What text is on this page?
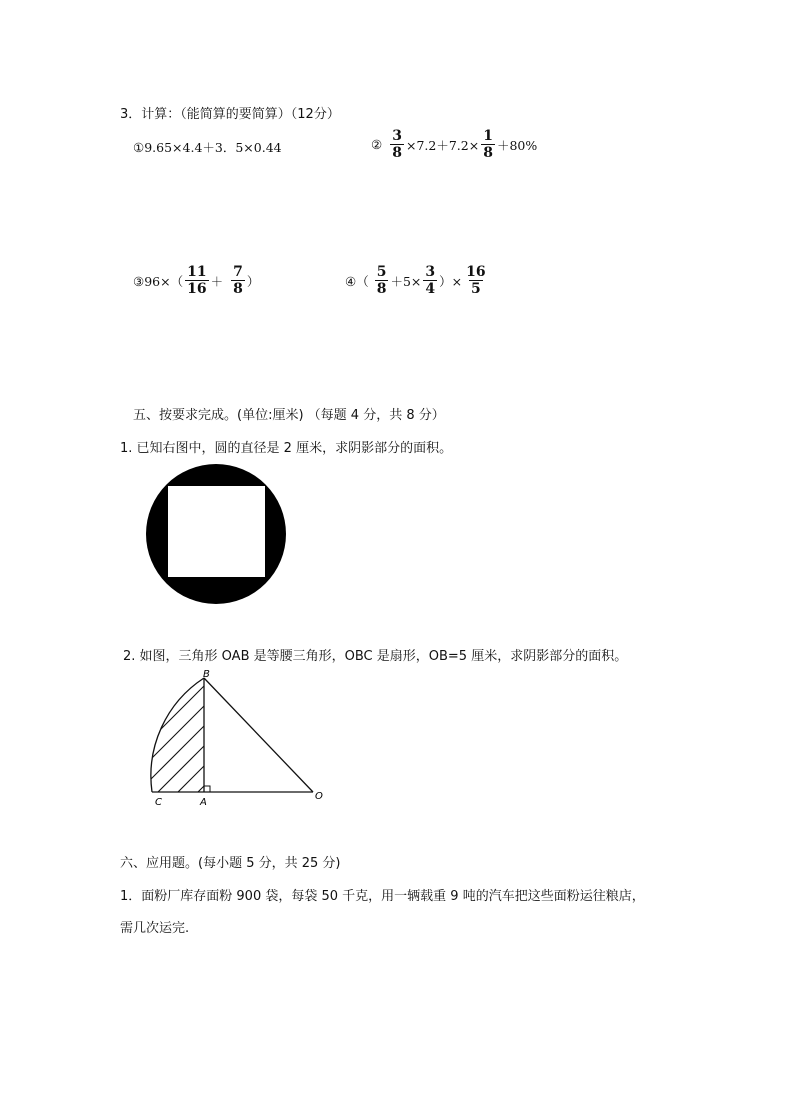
3．计算：（能简算的要简算）（12分）
①9.65×4.4＋3．5×0.44	② $\frac{3}{8} \times 7.2+7.2\times \frac{1}{8} +80\%$
③96×（ $\frac{11}{16} + \frac{7}{8}$ ）	④（ $\frac{5}{8} +5\times \frac{3}{4}$ ）× $\frac{16}{5}$
五、按要求完成。(单位:厘米) （每题 4 分，共 8 分）
1. 已知右图中，圆的直径是 2 厘米，求阴影部分的面积。
2. 如图，三角形 OAB 是等腰三角形，OBC 是扇形，OB=5 厘米，求阴影部分的面积。
B
C	A
O
六、应用题。(每小题 5 分，共 25 分)
1．面粉厂库存面粉 900 袋，每袋 50 千克，用一辆载重 9 吨的汽车把这些面粉运往粮店，
需几次运完.
